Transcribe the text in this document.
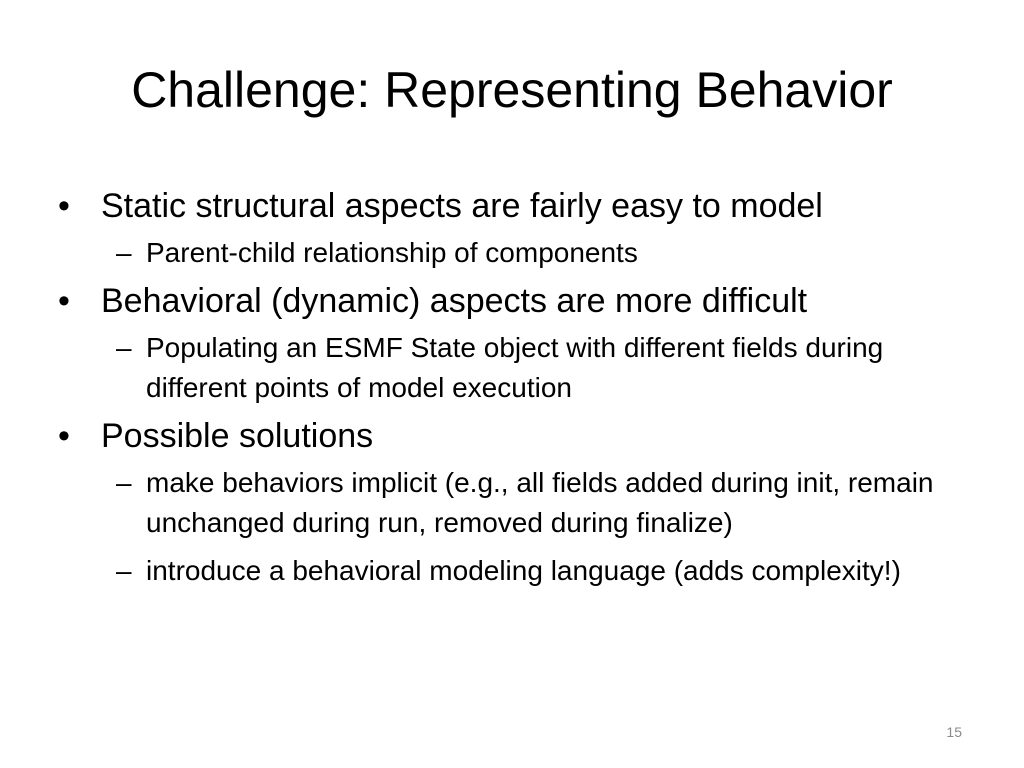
Challenge: Representing Behavior
• Static structural aspects are fairly easy to model
– Parent-child relationship of components
• Behavioral (dynamic) aspects are more difficult
– Populating an ESMF State object with different fields during different points of model execution
• Possible solutions
– make behaviors implicit (e.g., all fields added during init, remain unchanged during run, removed during finalize)
– introduce a behavioral modeling language (adds complexity!)
15
